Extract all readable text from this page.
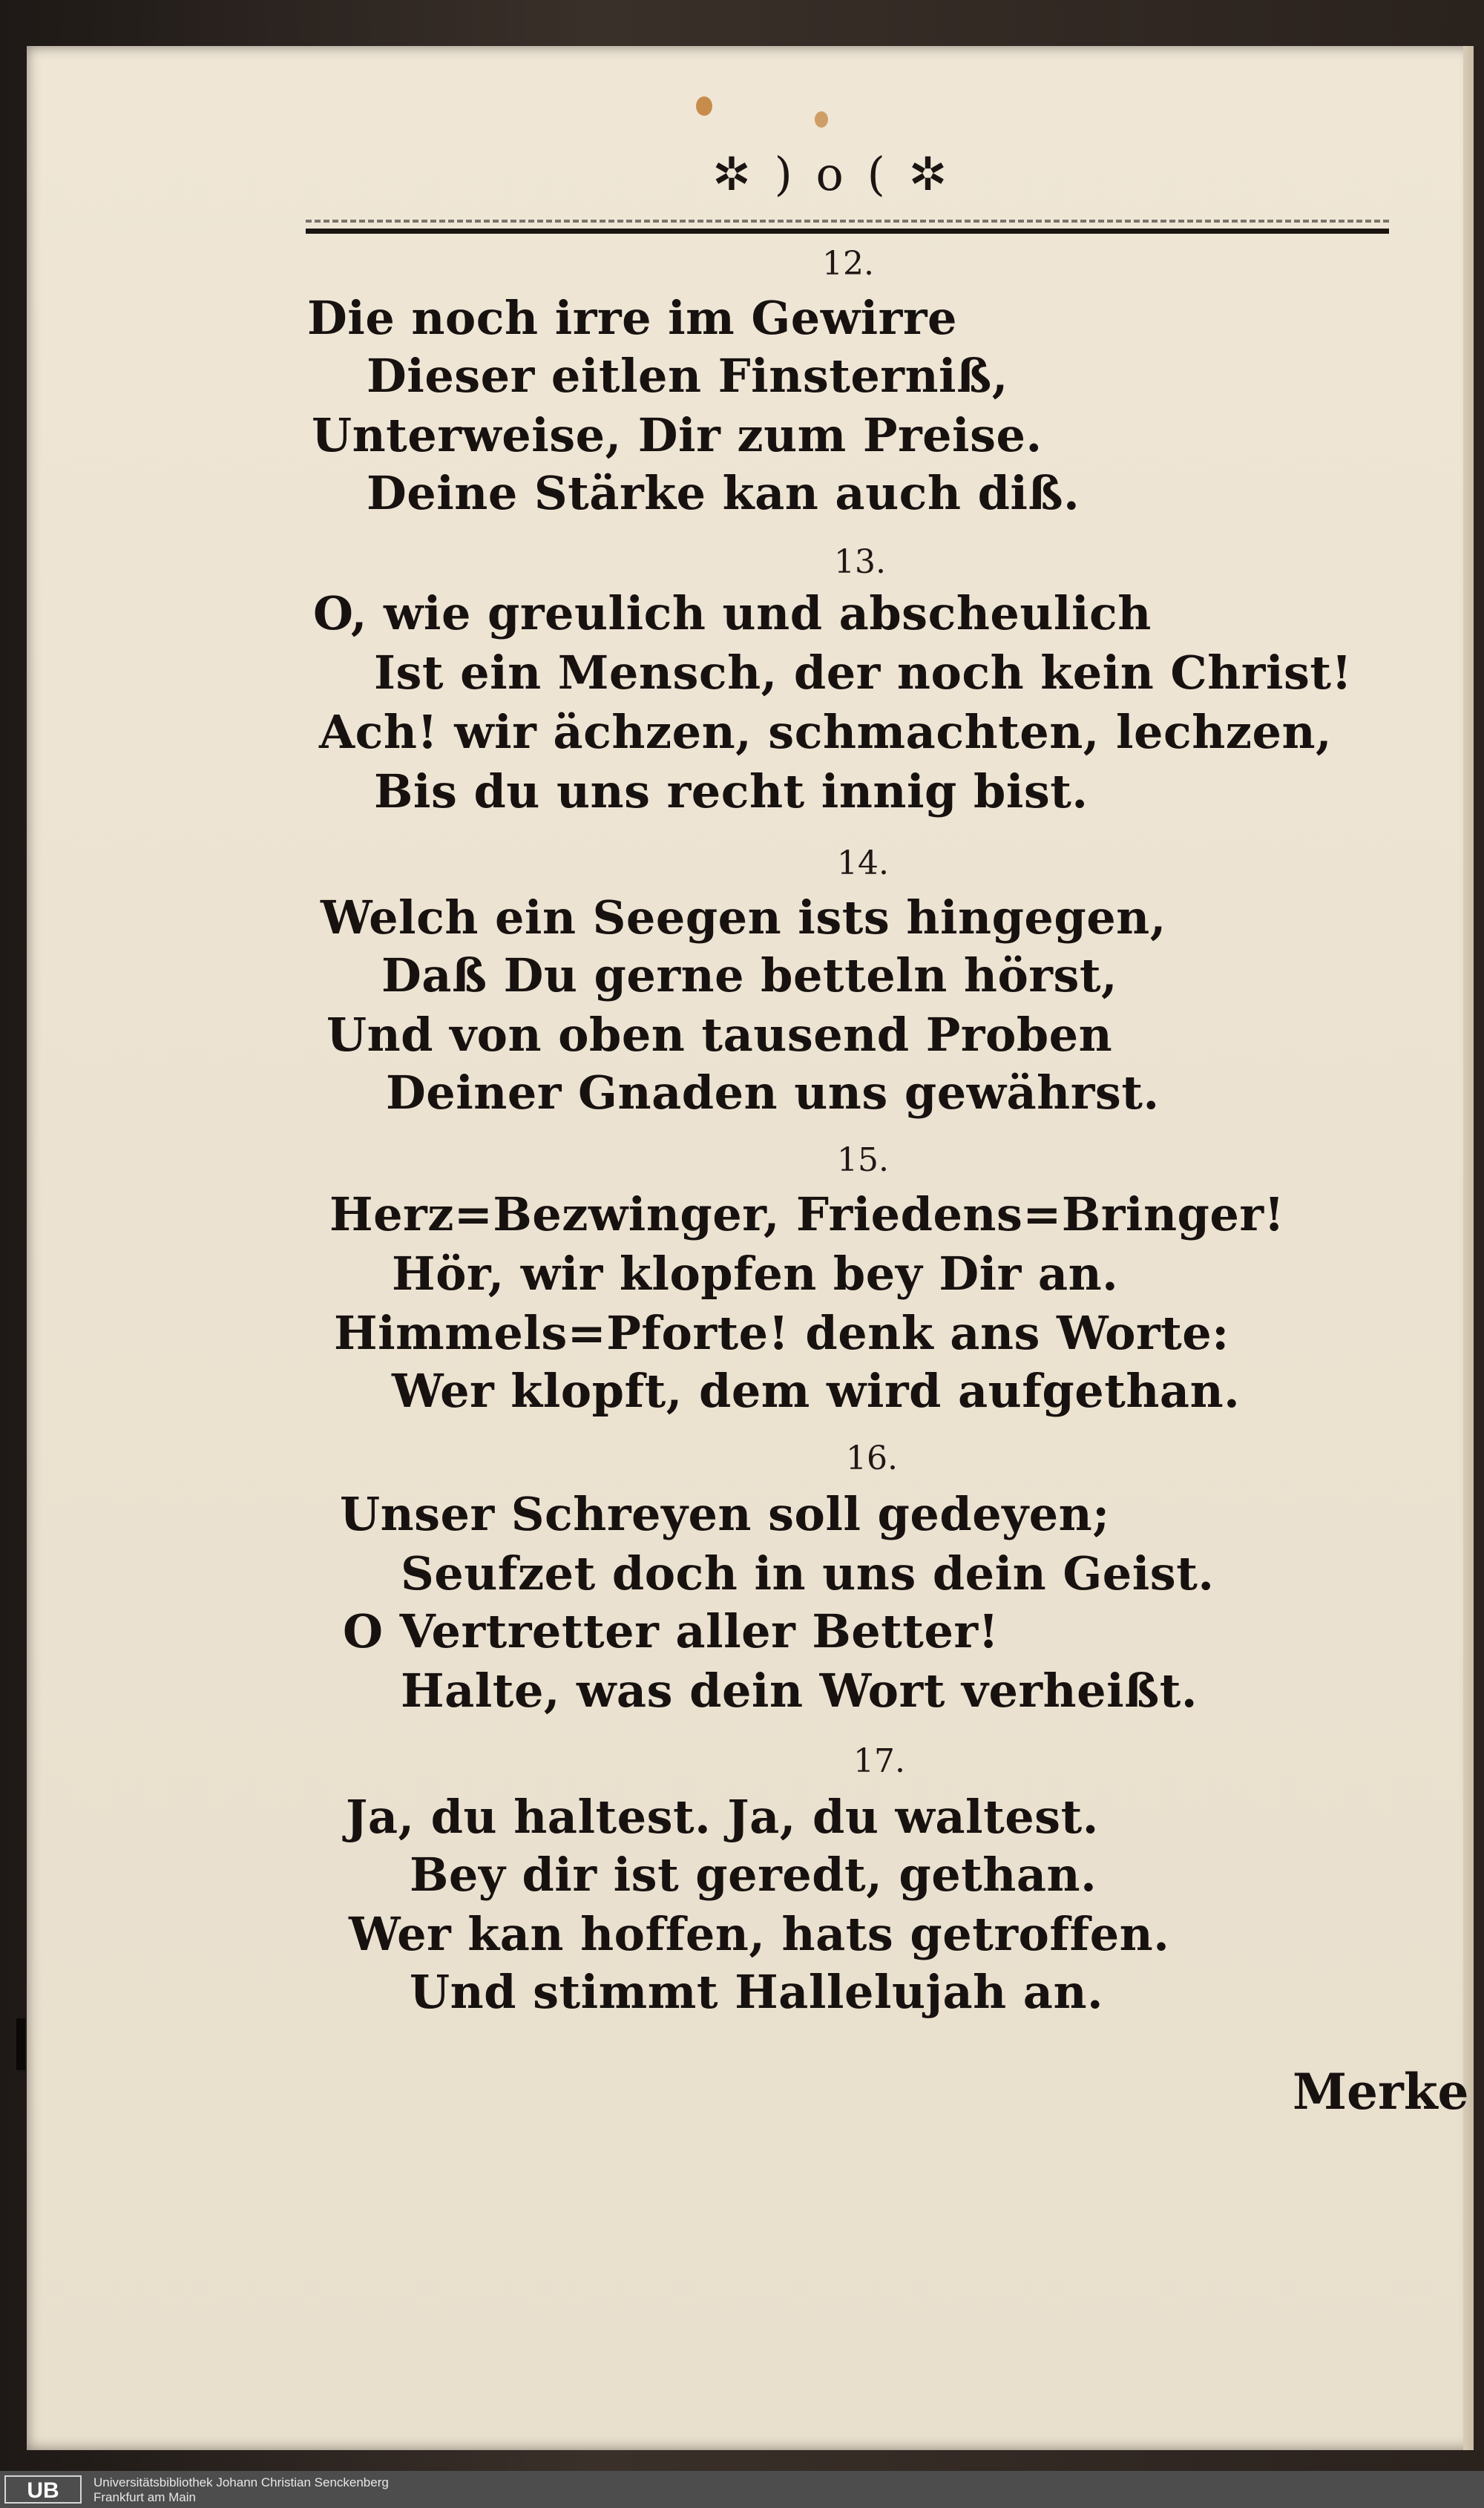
✲ ) o ( ✲
12.
Die noch irre im Gewirre
Dieser eitlen Finsterniß,
Unterweise, Dir zum Preise.
Deine Stärke kan auch diß.
13.
O, wie greulich und abscheulich
Ist ein Mensch, der noch kein Christ!
Ach! wir ächzen, schmachten, lechzen,
Bis du uns recht innig bist.
14.
Welch ein Seegen ists hingegen,
Daß Du gerne betteln hörst,
Und von oben tausend Proben
Deiner Gnaden uns gewährst.
15.
Herz=Bezwinger, Friedens=Bringer!
Hör, wir klopfen bey Dir an.
Himmels=Pforte! denk ans Worte:
Wer klopft, dem wird aufgethan.
16.
Unser Schreyen soll gedeyen;
Seufzet doch in uns dein Geist.
O Vertretter aller Better!
Halte, was dein Wort verheißt.
17.
Ja, du haltest. Ja, du waltest.
Bey dir ist geredt, gethan.
Wer kan hoffen, hats getroffen.
Und stimmt Hallelujah an.
Merke
UB	Universitätsbibliothek Johann Christian Senckenberg
Frankfurt am Main
